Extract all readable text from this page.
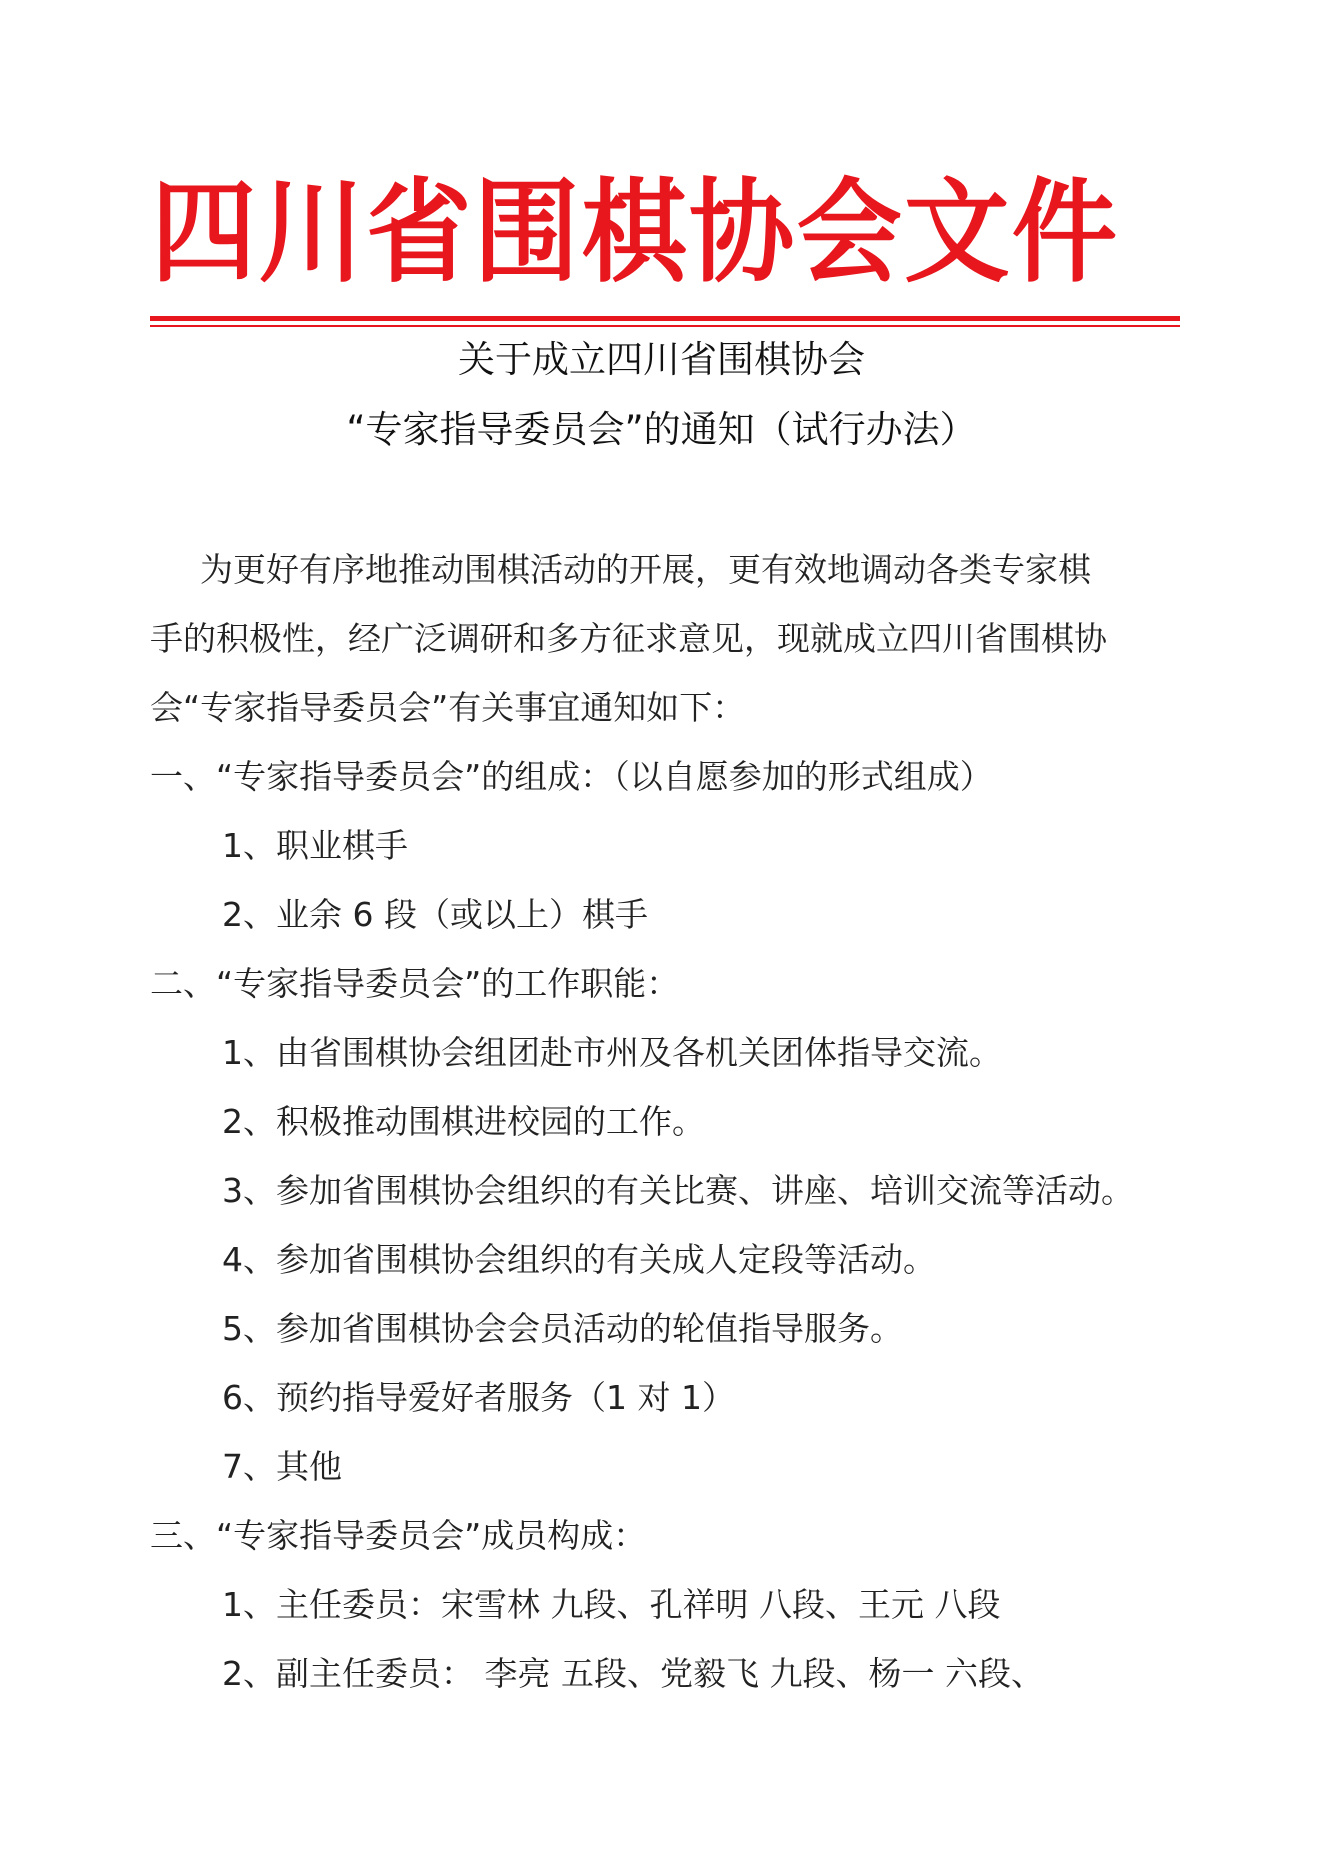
四 川 省 围 棋 协 会 文 件
关于成立四川省围棋协会
“专家指导委员会”的通知（试行办法）
为更好有序地推动围棋活动的开展，更有效地调动各类专家棋
手的积极性，经广泛调研和多方征求意见，现就成立四川省围棋协
会“专家指导委员会”有关事宜通知如下：
一、“专家指导委员会”的组成：（以自愿参加的形式组成）
1、职业棋手
2、业余 6 段（或以上）棋手
二、“专家指导委员会”的工作职能：
1、由省围棋协会组团赴市州及各机关团体指导交流。
2、积极推动围棋进校园的工作。
3、参加省围棋协会组织的有关比赛、讲座、培训交流等活动。
4、参加省围棋协会组织的有关成人定段等活动。
5、参加省围棋协会会员活动的轮值指导服务。
6、预约指导爱好者服务（1 对 1）
7、其他
三、“专家指导委员会”成员构成：
1、主任委员：宋雪林 九段、孔祥明 八段、王元 八段
2、副主任委员： 李亮 五段、党毅飞 九段、杨一 六段、
